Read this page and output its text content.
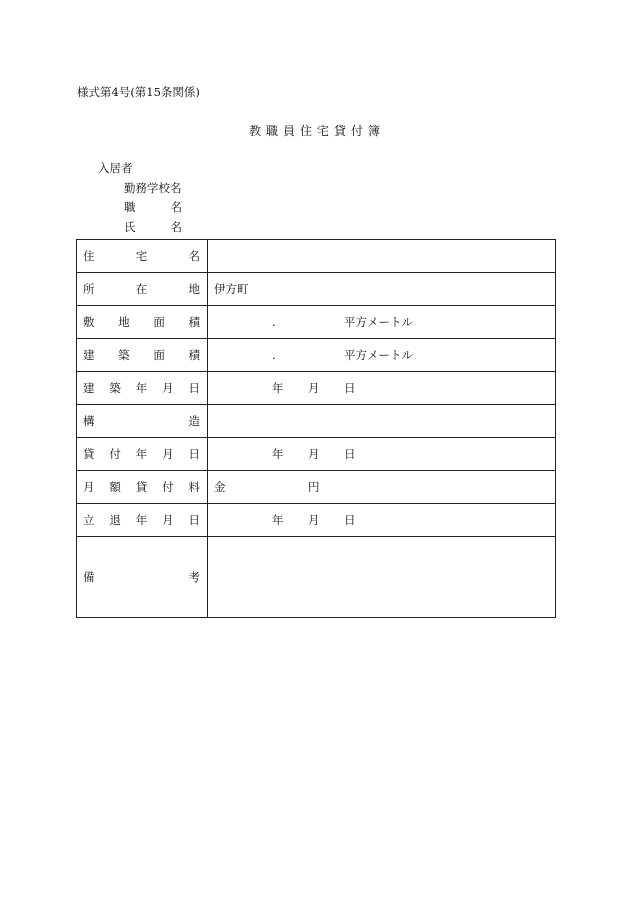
様式第4号(第15条関係)
教職員住宅貸付簿
入居者
勤務学校名
職	名
氏	名
住 宅 名	

所 在 地	伊方町

敷 地 面 積	. 平方メートル

建 築 面 積	. 平方メートル

建 築 年 月 日	年 月 日

構 造	

貸 付 年 月 日	年 月 日

月 額 貸 付 料	金 円

立 退 年 月 日	年 月 日

備 考	
